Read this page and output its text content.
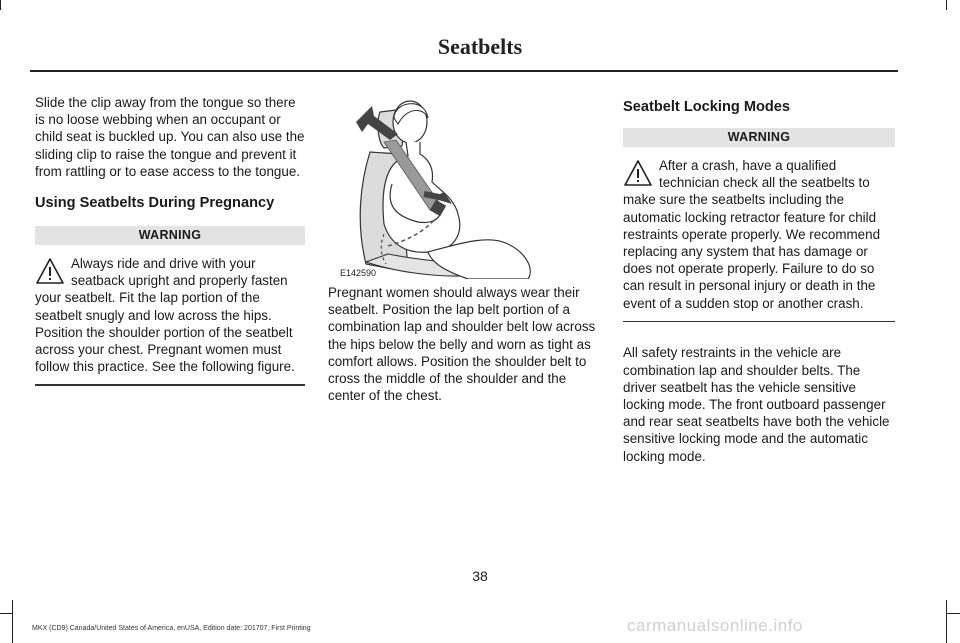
Seatbelts

Slide the clip away from the tongue so there is no loose webbing when an occupant or child seat is buckled up. You can also use the sliding clip to raise the tongue and prevent it from rattling or to ease access to the tongue.

Using Seatbelts During Pregnancy
WARNING

Always ride and drive with your seatback upright and properly fasten your seatbelt. Fit the lap portion of the seatbelt snugly and low across the hips. Position the shoulder portion of the seatbelt across your chest. Pregnant women must follow this practice. See the following figure.

E142590

Pregnant women should always wear their seatbelt. Position the lap belt portion of a combination lap and shoulder belt low across the hips below the belly and worn as tight as comfort allows. Position the shoulder belt to cross the middle of the shoulder and the center of the chest.

Seatbelt Locking Modes
WARNING

After a crash, have a qualified technician check all the seatbelts to make sure the seatbelts including the automatic locking retractor feature for child restraints operate properly. We recommend replacing any system that has damage or does not operate properly. Failure to do so can result in personal injury or death in the event of a sudden stop or another crash.

All safety restraints in the vehicle are combination lap and shoulder belts. The driver seatbelt has the vehicle sensitive locking mode. The front outboard passenger and rear seat seatbelts have both the vehicle sensitive locking mode and the automatic locking mode.

38
MKX (CD9) Canada/United States of America, enUSA, Edition date: 201707, First Printing	carmanualsonline.info
